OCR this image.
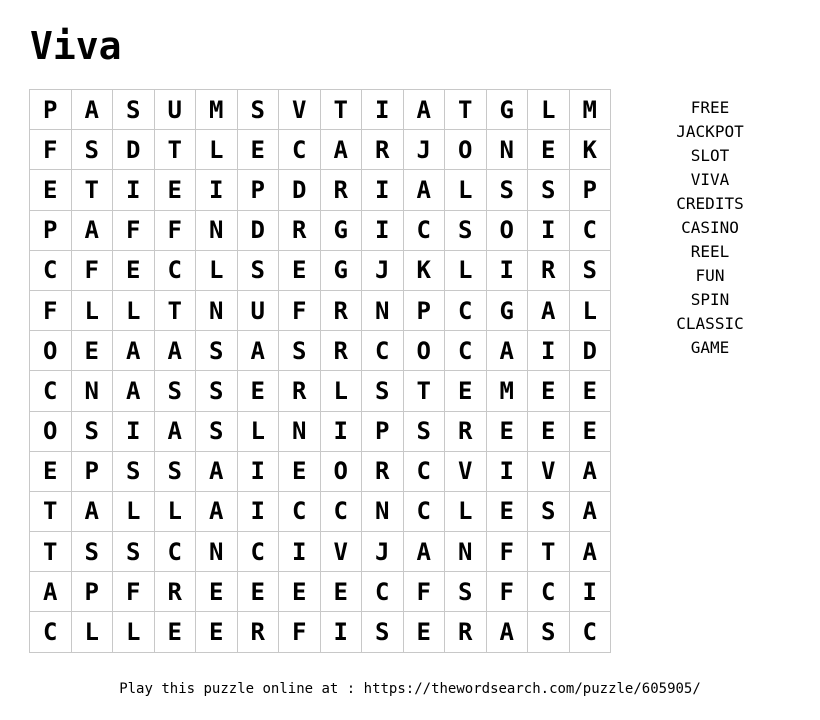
Viva
P	A	S	U	M	S	V	T	I	A	T	G	L	M
F	S	D	T	L	E	C	A	R	J	O	N	E	K
E	T	I	E	I	P	D	R	I	A	L	S	S	P
P	A	F	F	N	D	R	G	I	C	S	O	I	C
C	F	E	C	L	S	E	G	J	K	L	I	R	S
F	L	L	T	N	U	F	R	N	P	C	G	A	L
O	E	A	A	S	A	S	R	C	O	C	A	I	D
C	N	A	S	S	E	R	L	S	T	E	M	E	E
O	S	I	A	S	L	N	I	P	S	R	E	E	E
E	P	S	S	A	I	E	O	R	C	V	I	V	A
T	A	L	L	A	I	C	C	N	C	L	E	S	A
T	S	S	C	N	C	I	V	J	A	N	F	T	A
A	P	F	R	E	E	E	E	C	F	S	F	C	I
C	L	L	E	E	R	F	I	S	E	R	A	S	C
FREE
JACKPOT
SLOT
VIVA
CREDITS
CASINO
REEL
FUN
SPIN
CLASSIC
GAME
Play this puzzle online at : https://thewordsearch.com/puzzle/605905/
